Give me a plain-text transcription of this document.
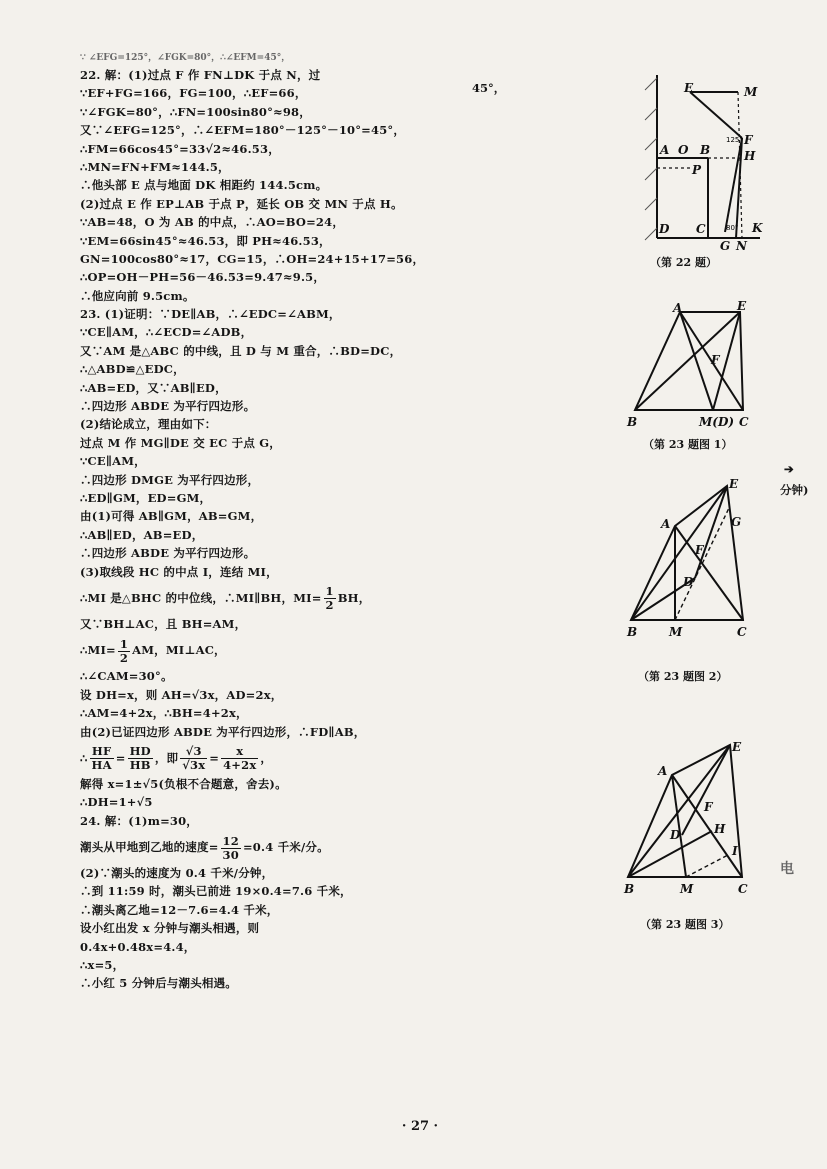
22. 解：(1)过点 F 作 FN⊥DK 于点 N，过
∵EF+FG=166，FG=100，∴EF=66，
∵∠FGK=80°，∴FN=100sin80°≈98，
又∵∠EFG=125°，∴∠EFM=180°－125°－10°=45°，
∴FM=66cos45°=33√2≈46.53，
∴MN=FN+FM≈144.5，
∴他头部 E 点与地面 DK 相距约 144.5cm。
(2)过点 E 作 EP⊥AB 于点 P，延长 OB 交 MN 于点 H。
∵AB=48，O 为 AB 的中点，∴AO=BO=24，
∵EM=66sin45°≈46.53，即 PH≈46.53，
GN=100cos80°≈17，CG=15，∴OH=24+15+17=56，
∴OP=OH－PH=56－46.53=9.47≈9.5，
∴他应向前 9.5cm。
23. (1)证明：∵DE∥AB，∴∠EDC=∠ABM，
∵CE∥AM，∴∠ECD=∠ADB，
又∵AM 是△ABC 的中线，且 D 与 M 重合，∴BD=DC，
∴△ABD≌△EDC，
∴AB=ED，又∵AB∥ED，
∴四边形 ABDE 为平行四边形。
(2)结论成立，理由如下：
过点 M 作 MG∥DE 交 EC 于点 G，
∵CE∥AM，
∴四边形 DMGE 为平行四边形，
∴ED∥GM，ED=GM，
由(1)可得 AB∥GM，AB=GM，
∴AB∥ED，AB=ED，
∴四边形 ABDE 为平行四边形。
(3)取线段 HC 的中点 I，连结 MI，
∴MI 是△BHC 的中位线，∴MI∥BH，$MI= \frac{1}{2}$ BH，
又∵BH⊥AC，且 BH=AM，
∴MI= $\frac{1}{2}$ AM，MI⊥AC，
∴∠CAM=30°。
设 DH=x，则 AH=√3x，AD=2x，
∴AM=4+2x，∴BH=4+2x，
由(2)已证四边形 ABDE 为平行四边形，∴FD∥AB，
∴ $\frac{HF}{HA} = \frac{HD}{HB}$ ，即 $\frac{√3}{√3x} = \frac{x}{4+2x}$ ，
解得 x=1±√5(负根不合题意，舍去)。
∴DH=1+√5
24. 解：(1)m=30，
潮头从甲地到乙地的速度= $\frac{12}{30} =0.4$ 千米/分。
(2)∵潮头的速度为 0.4 千米/分钟，
∴到 11:59 时，潮头已前进 19×0.4=7.6 千米，
∴潮头离乙地=12－7.6=4.4 千米，
设小红出发 x 分钟与潮头相遇，则
0.4x+0.48x=4.4，
∴x=5，
∴小红 5 分钟后与潮头相遇。
∵ ∠EFG=125°，∠FGK=80°，∴∠EFM=45°，
45°，
➔
分钟)
电
E	M
F
H
A O B
P
D C
G
K
N
125°
80°
（第 22 题）
A	E
F
B	M(D) C
（第 23 题图 1）
A
E
G
F
D
B	M	C
（第 23 题图 2）
A
E
F
D	H
I
B	M	C
（第 23 题图 3）
· 27 ·
